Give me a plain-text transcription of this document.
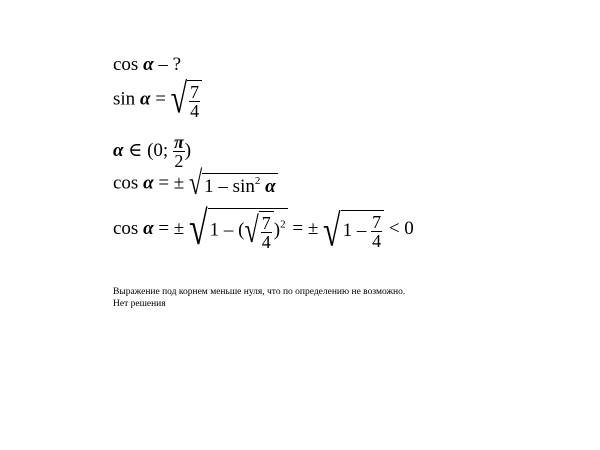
cos α – ?
sin α = √ $\frac{7}{4}$
α ∈ (0; $\frac{\pi}{2}$ )
cos α = ± √ $1 - \sin^2 \alpha$
cos α = ± √ 1 – (√ $\frac{7}{4} )^2$ = ± √ $1 - \frac{7}{4} < 0$
Выражение под корнем меньше нуля, что по определению не возможно.
Нет решения
